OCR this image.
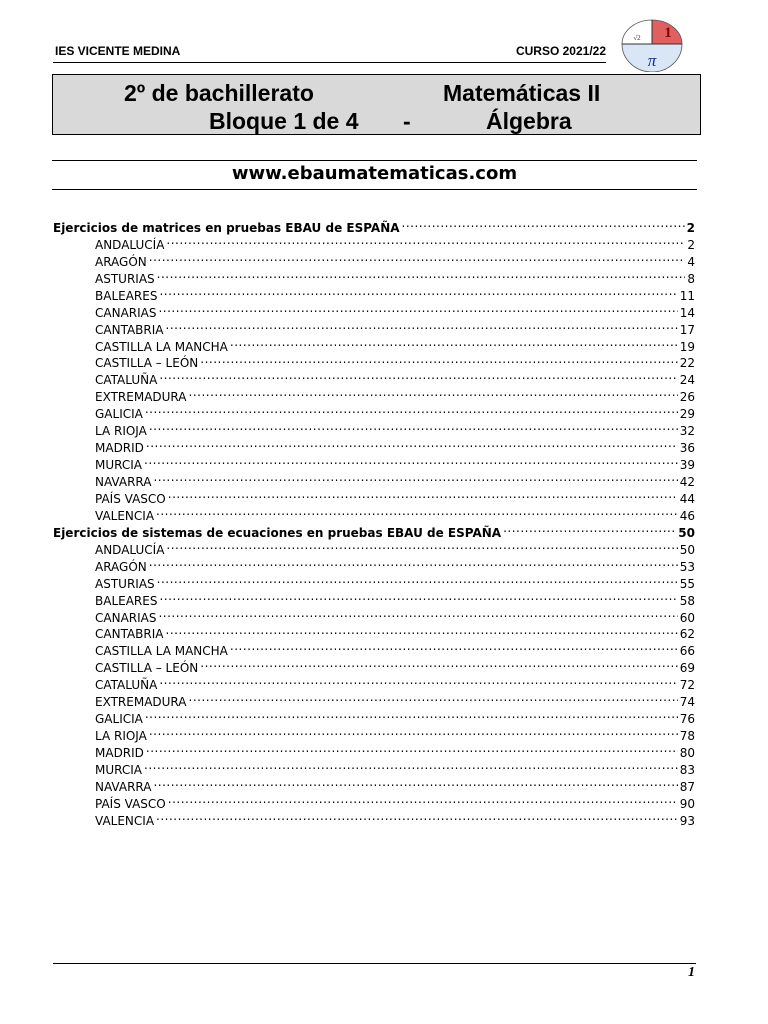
IES VICENTE MEDINA	CURSO 2021/22
1
√2
π
2º de bachillerato	Matemáticas II
Bloque 1 de 4 -	Álgebra
www.ebaumatematicas.com
Ejercicios de matrices en pruebas EBAU de ESPAÑA .....	2
ANDALUCÍA .....	2
ARAGÓN .....	4
ASTURIAS .....	8
BALEARES .....	11
CANARIAS .....	14
CANTABRIA .....	17
CASTILLA LA MANCHA .....	19
CASTILLA – LEÓN .....	22
CATALUÑA .....	24
EXTREMADURA .....	26
GALICIA .....	29
LA RIOJA .....	32
MADRID .....	36
MURCIA .....	39
NAVARRA .....	42
PAÍS VASCO .....	44
VALENCIA .....	46
Ejercicios de sistemas de ecuaciones en pruebas EBAU de ESPAÑA .....	50
ANDALUCÍA .....	50
ARAGÓN .....	53
ASTURIAS .....	55
BALEARES .....	58
CANARIAS .....	60
CANTABRIA .....	62
CASTILLA LA MANCHA .....	66
CASTILLA – LEÓN .....	69
CATALUÑA .....	72
EXTREMADURA .....	74
GALICIA .....	76
LA RIOJA .....	78
MADRID .....	80
MURCIA .....	83
NAVARRA .....	87
PAÍS VASCO .....	90
VALENCIA .....	93
1
